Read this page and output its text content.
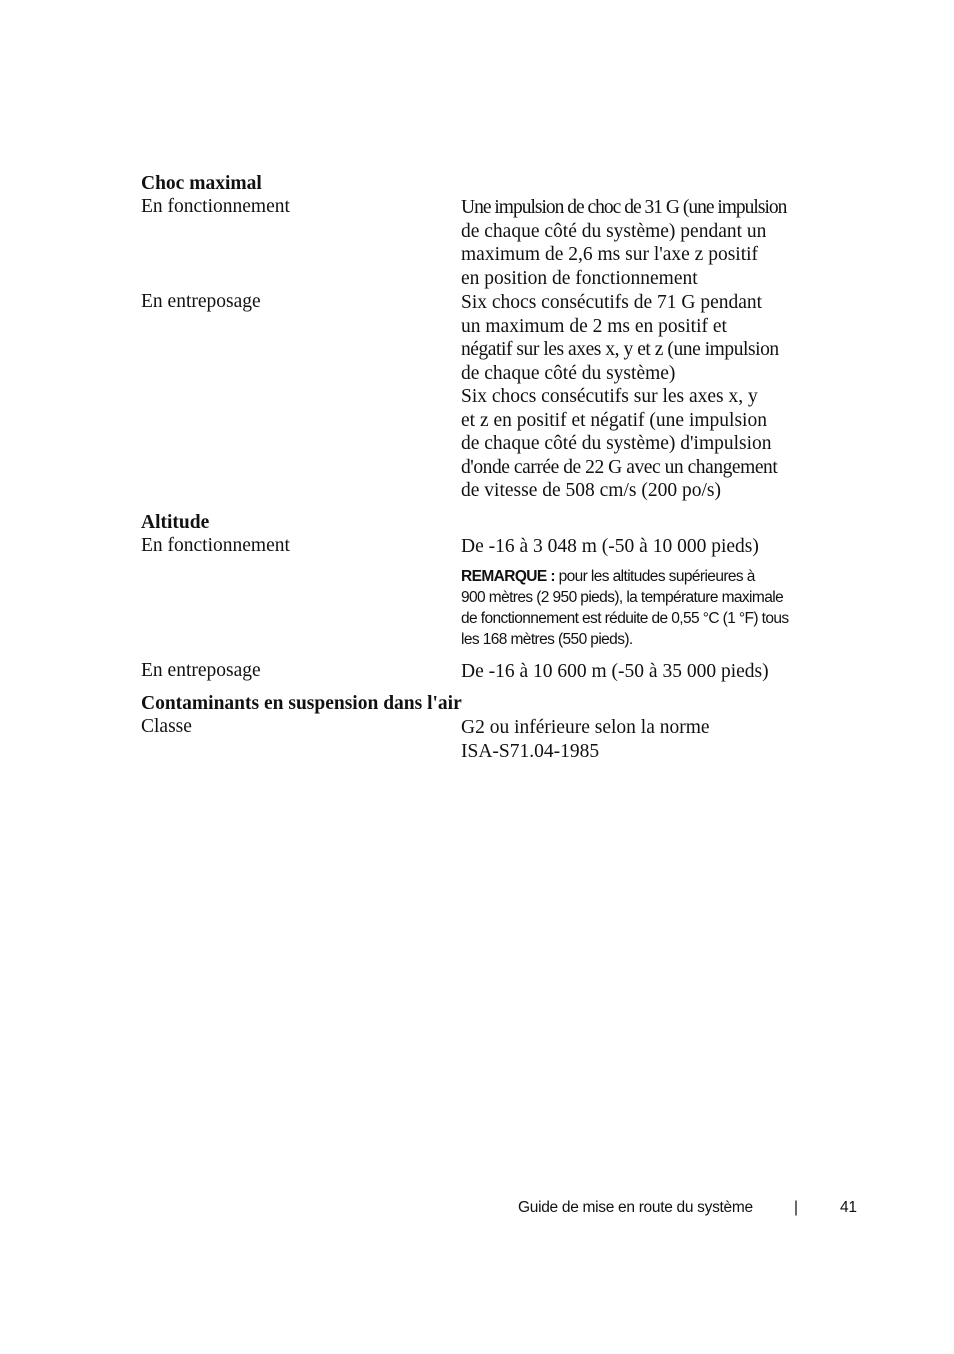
Choc maximal
En fonctionnement	Une impulsion de choc de 31 G (une impulsion
de chaque côté du système) pendant un
maximum de 2,6 ms sur l'axe z positif
en position de fonctionnement
En entreposage	Six chocs consécutifs de 71 G pendant
un maximum de 2 ms en positif et
négatif sur les axes x, y et z (une impulsion
de chaque côté du système)
Six chocs consécutifs sur les axes x, y
et z en positif et négatif (une impulsion
de chaque côté du système) d'impulsion
d'onde carrée de 22 G avec un changement
de vitesse de 508 cm/s (200 po/s)
Altitude
En fonctionnement	De -16 à 3 048 m (-50 à 10 000 pieds)
REMARQUE : pour les altitudes supérieures à
900 mètres (2 950 pieds), la température maximale
de fonctionnement est réduite de 0,55 °C (1 °F) tous
les 168 mètres (550 pieds).
En entreposage	De -16 à 10 600 m (-50 à 35 000 pieds)
Contaminants en suspension dans l'air
Classe	G2 ou inférieure selon la norme
ISA-S71.04-1985
Guide de mise en route du système	|	41
